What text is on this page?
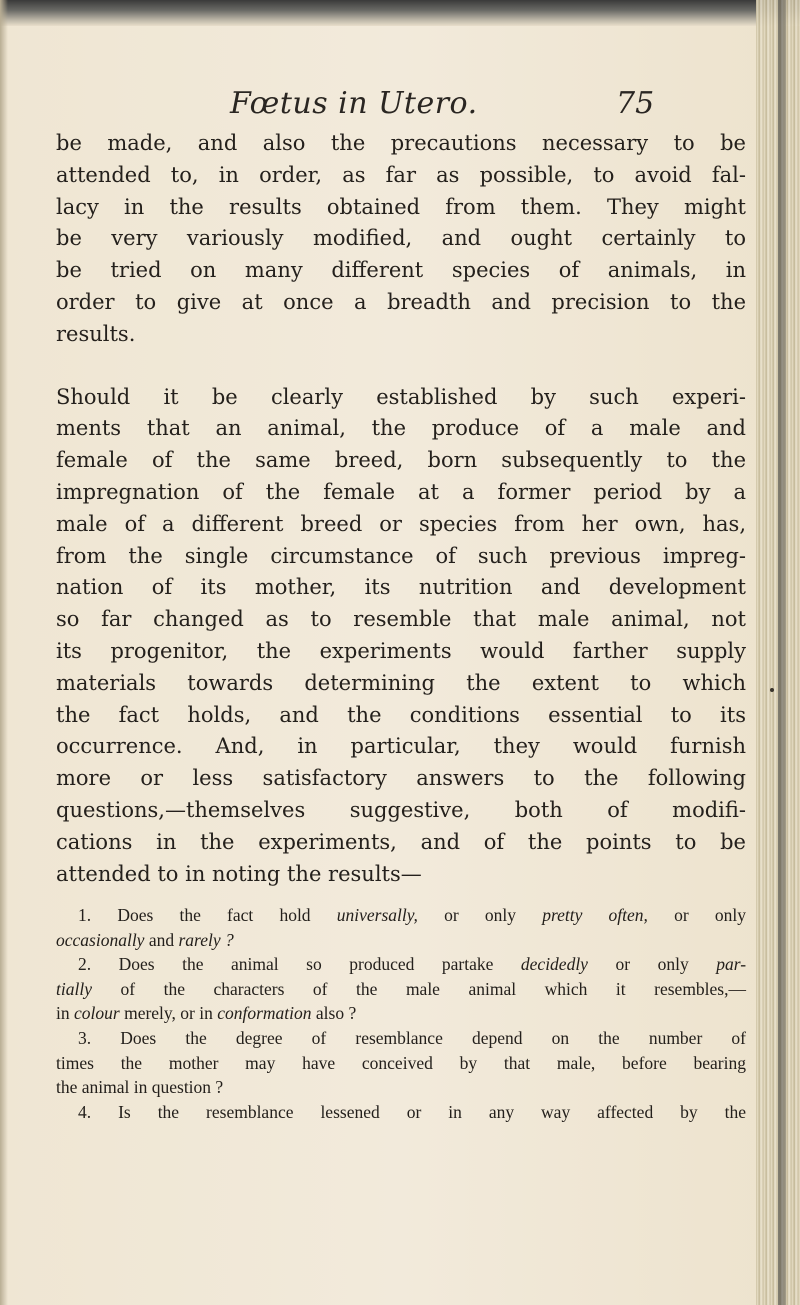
Fœtus in Utero.	75
be made, and also the precautions necessary to be
attended to, in order, as far as possible, to avoid fal-
lacy in the results obtained from them. They might
be very variously modified, and ought certainly to
be tried on many different species of animals, in
order to give at once a breadth and precision to the
results.
Should it be clearly established by such experi-
ments that an animal, the produce of a male and
female of the same breed, born subsequently to the
impregnation of the female at a former period by a
male of a different breed or species from her own, has,
from the single circumstance of such previous impreg-
nation of its mother, its nutrition and development
so far changed as to resemble that male animal, not
its progenitor, the experiments would farther supply
materials towards determining the extent to which
the fact holds, and the conditions essential to its
occurrence. And, in particular, they would furnish
more or less satisfactory answers to the following
questions,—themselves suggestive, both of modifi-
cations in the experiments, and of the points to be
attended to in noting the results—
1. Does the fact hold universally, or only pretty often, or only
occasionally and rarely ?
2. Does the animal so produced partake decidedly or only par-
tially of the characters of the male animal which it resembles,—
in colour merely, or in conformation also ?
3. Does the degree of resemblance depend on the number of
times the mother may have conceived by that male, before bearing
the animal in question ?
4. Is the resemblance lessened or in any way affected by the
